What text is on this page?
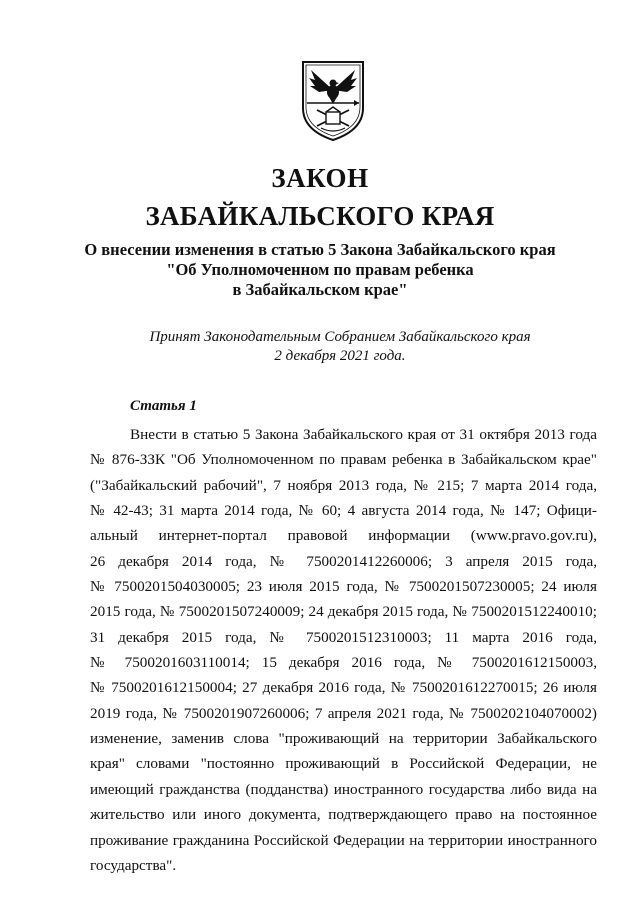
ЗАКОН
ЗАБАЙКАЛЬСКОГО КРАЯ
О внесении изменения в статью 5 Закона Забайкальского края
"Об Уполномоченном по правам ребенка
в Забайкальском крае"
Принят Законодательным Собранием Забайкальского края
2 декабря 2021 года.
Статья 1
Внести в статью 5 Закона Забайкальского края от 31 октября 2013 года
№ 876-ЗЗК "Об Уполномоченном по правам ребенка в Забайкальском крае"
("Забайкальский рабочий", 7 ноября 2013 года, № 215; 7 марта 2014 года,
№ 42-43; 31 марта 2014 года, № 60; 4 августа 2014 года, № 147; Офици-
альный интернет-портал правовой информации (www.pravo.gov.ru),
26 декабря 2014 года, № 7500201412260006; 3 апреля 2015 года,
№ 7500201504030005; 23 июля 2015 года, № 7500201507230005; 24 июля
2015 года, № 7500201507240009; 24 декабря 2015 года, № 7500201512240010;
31 декабря 2015 года, № 7500201512310003; 11 марта 2016 года,
№ 7500201603110014; 15 декабря 2016 года, № 7500201612150003,
№ 7500201612150004; 27 декабря 2016 года, № 7500201612270015; 26 июля
2019 года, № 7500201907260006; 7 апреля 2021 года, № 7500202104070002)
изменение, заменив слова "проживающий на территории Забайкальского
края" словами "постоянно проживающий в Российской Федерации, не
имеющий гражданства (подданства) иностранного государства либо вида на
жительство или иного документа, подтверждающего право на постоянное
проживание гражданина Российской Федерации на территории иностранного
государства".
